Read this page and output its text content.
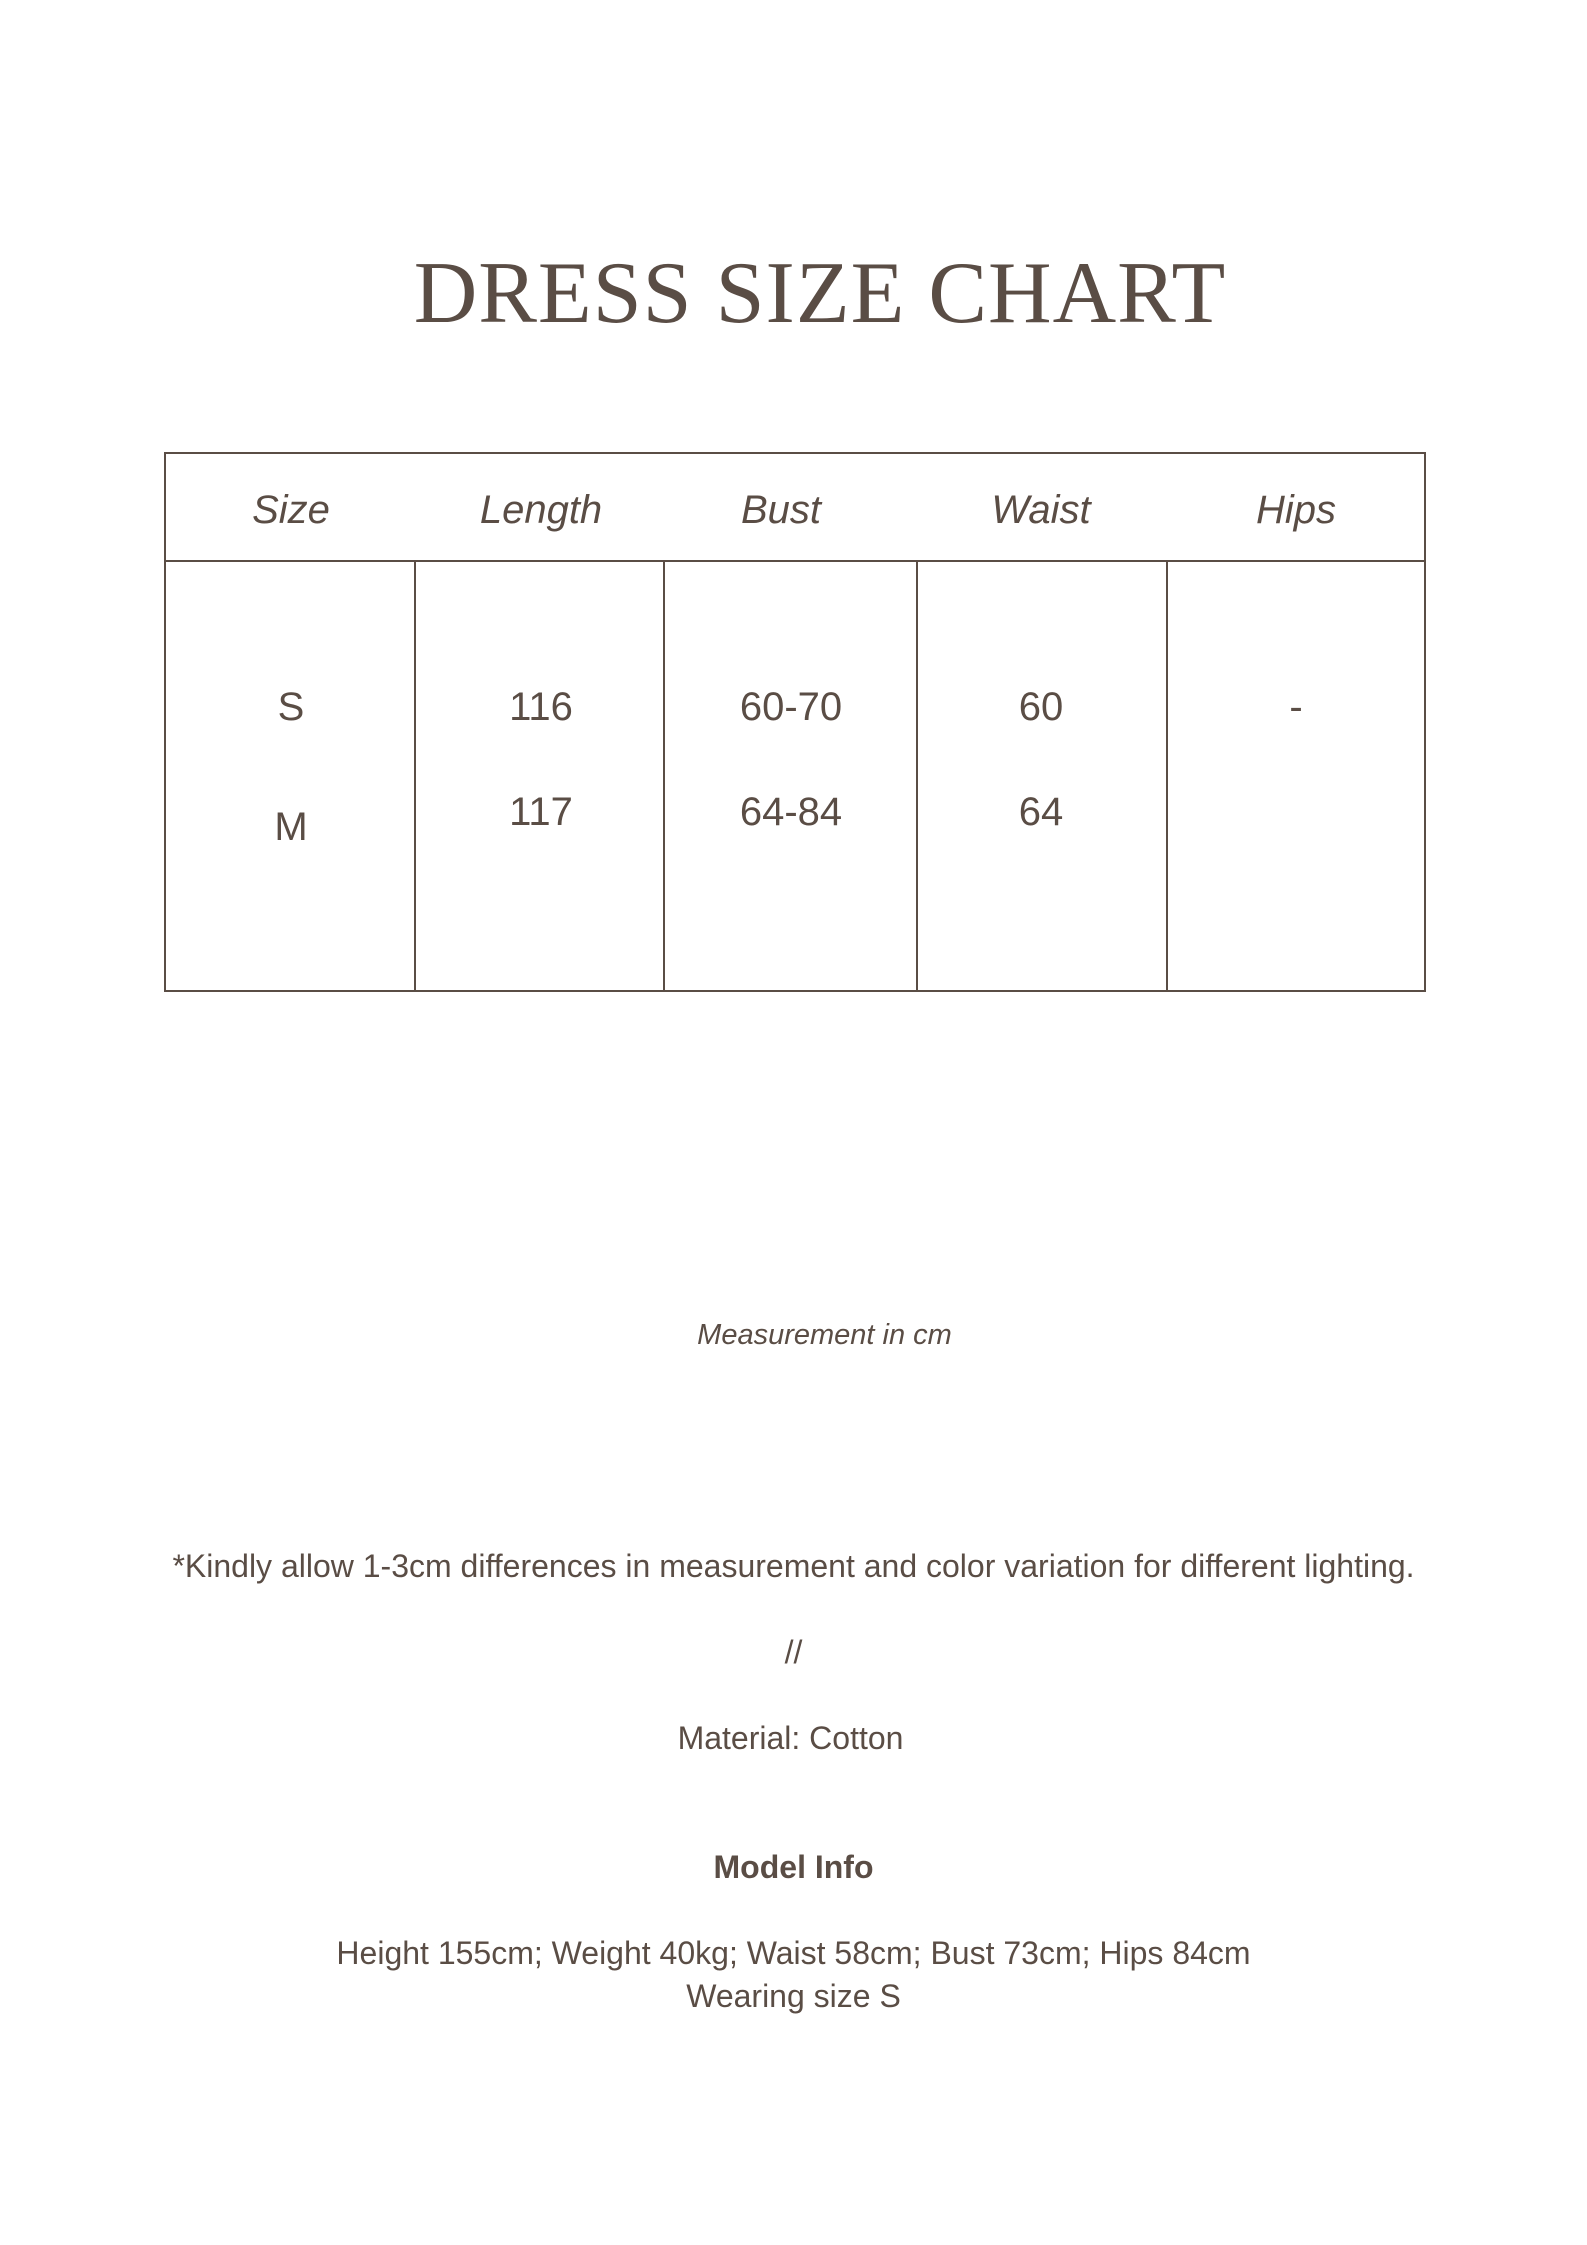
DRESS SIZE CHART
Size	Length	Bust	Waist	Hips
S	116	60-70	60	-
M	117	64-84	64
Measurement in cm
*Kindly allow 1-3cm differences in measurement and color variation for different lighting.
//
Material: Cotton
Model Info
Height 155cm; Weight 40kg; Waist 58cm; Bust 73cm; Hips 84cm
Wearing size S
